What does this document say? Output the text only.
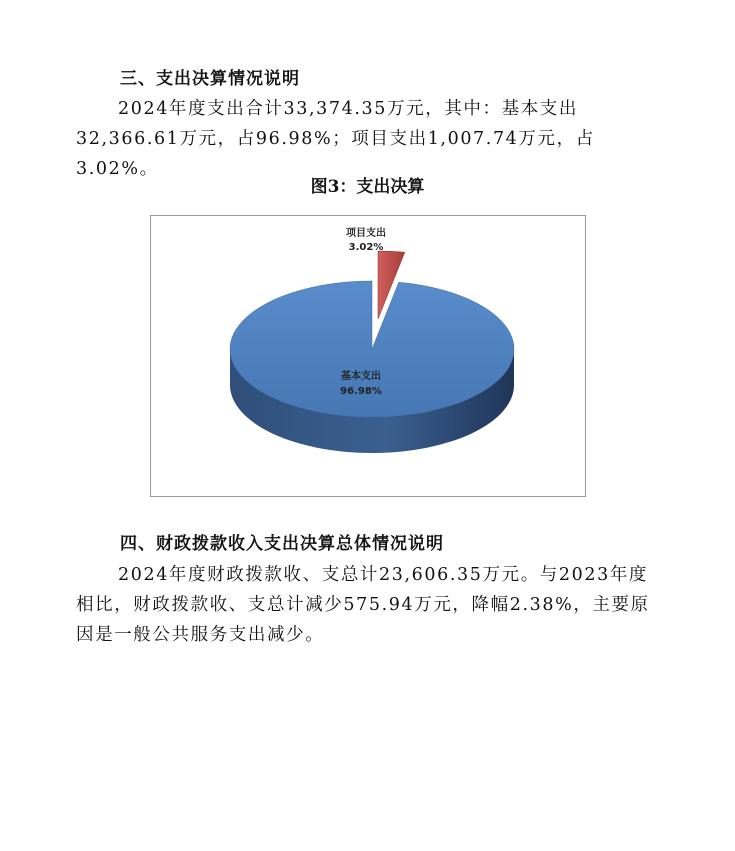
三、支出决算情况说明
2024年度支出合计33,374.35万元，其中：基本支出32,366.61万元，占96.98%；项目支出1,007.74万元，占3.02%。
图3：支出决算
项目支出
3.02%
基本支出
96.98%
四、财政拨款收入支出决算总体情况说明
2024年度财政拨款收、支总计23,606.35万元。与2023年度相比，财政拨款收、支总计减少575.94万元，降幅2.38%，主要原因是一般公共服务支出减少。
